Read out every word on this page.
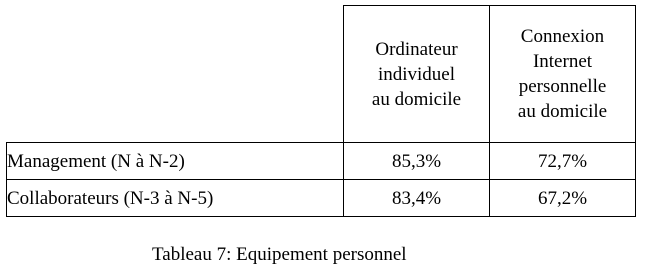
	Ordinateur
individuel
au domicile	Connexion
Internet
personnelle
au domicile

Management (N à N-2)	85,3%	72,7%
Collaborateurs (N-3 à N-5)	83,4%	67,2%
Tableau 7: Equipement personnel
